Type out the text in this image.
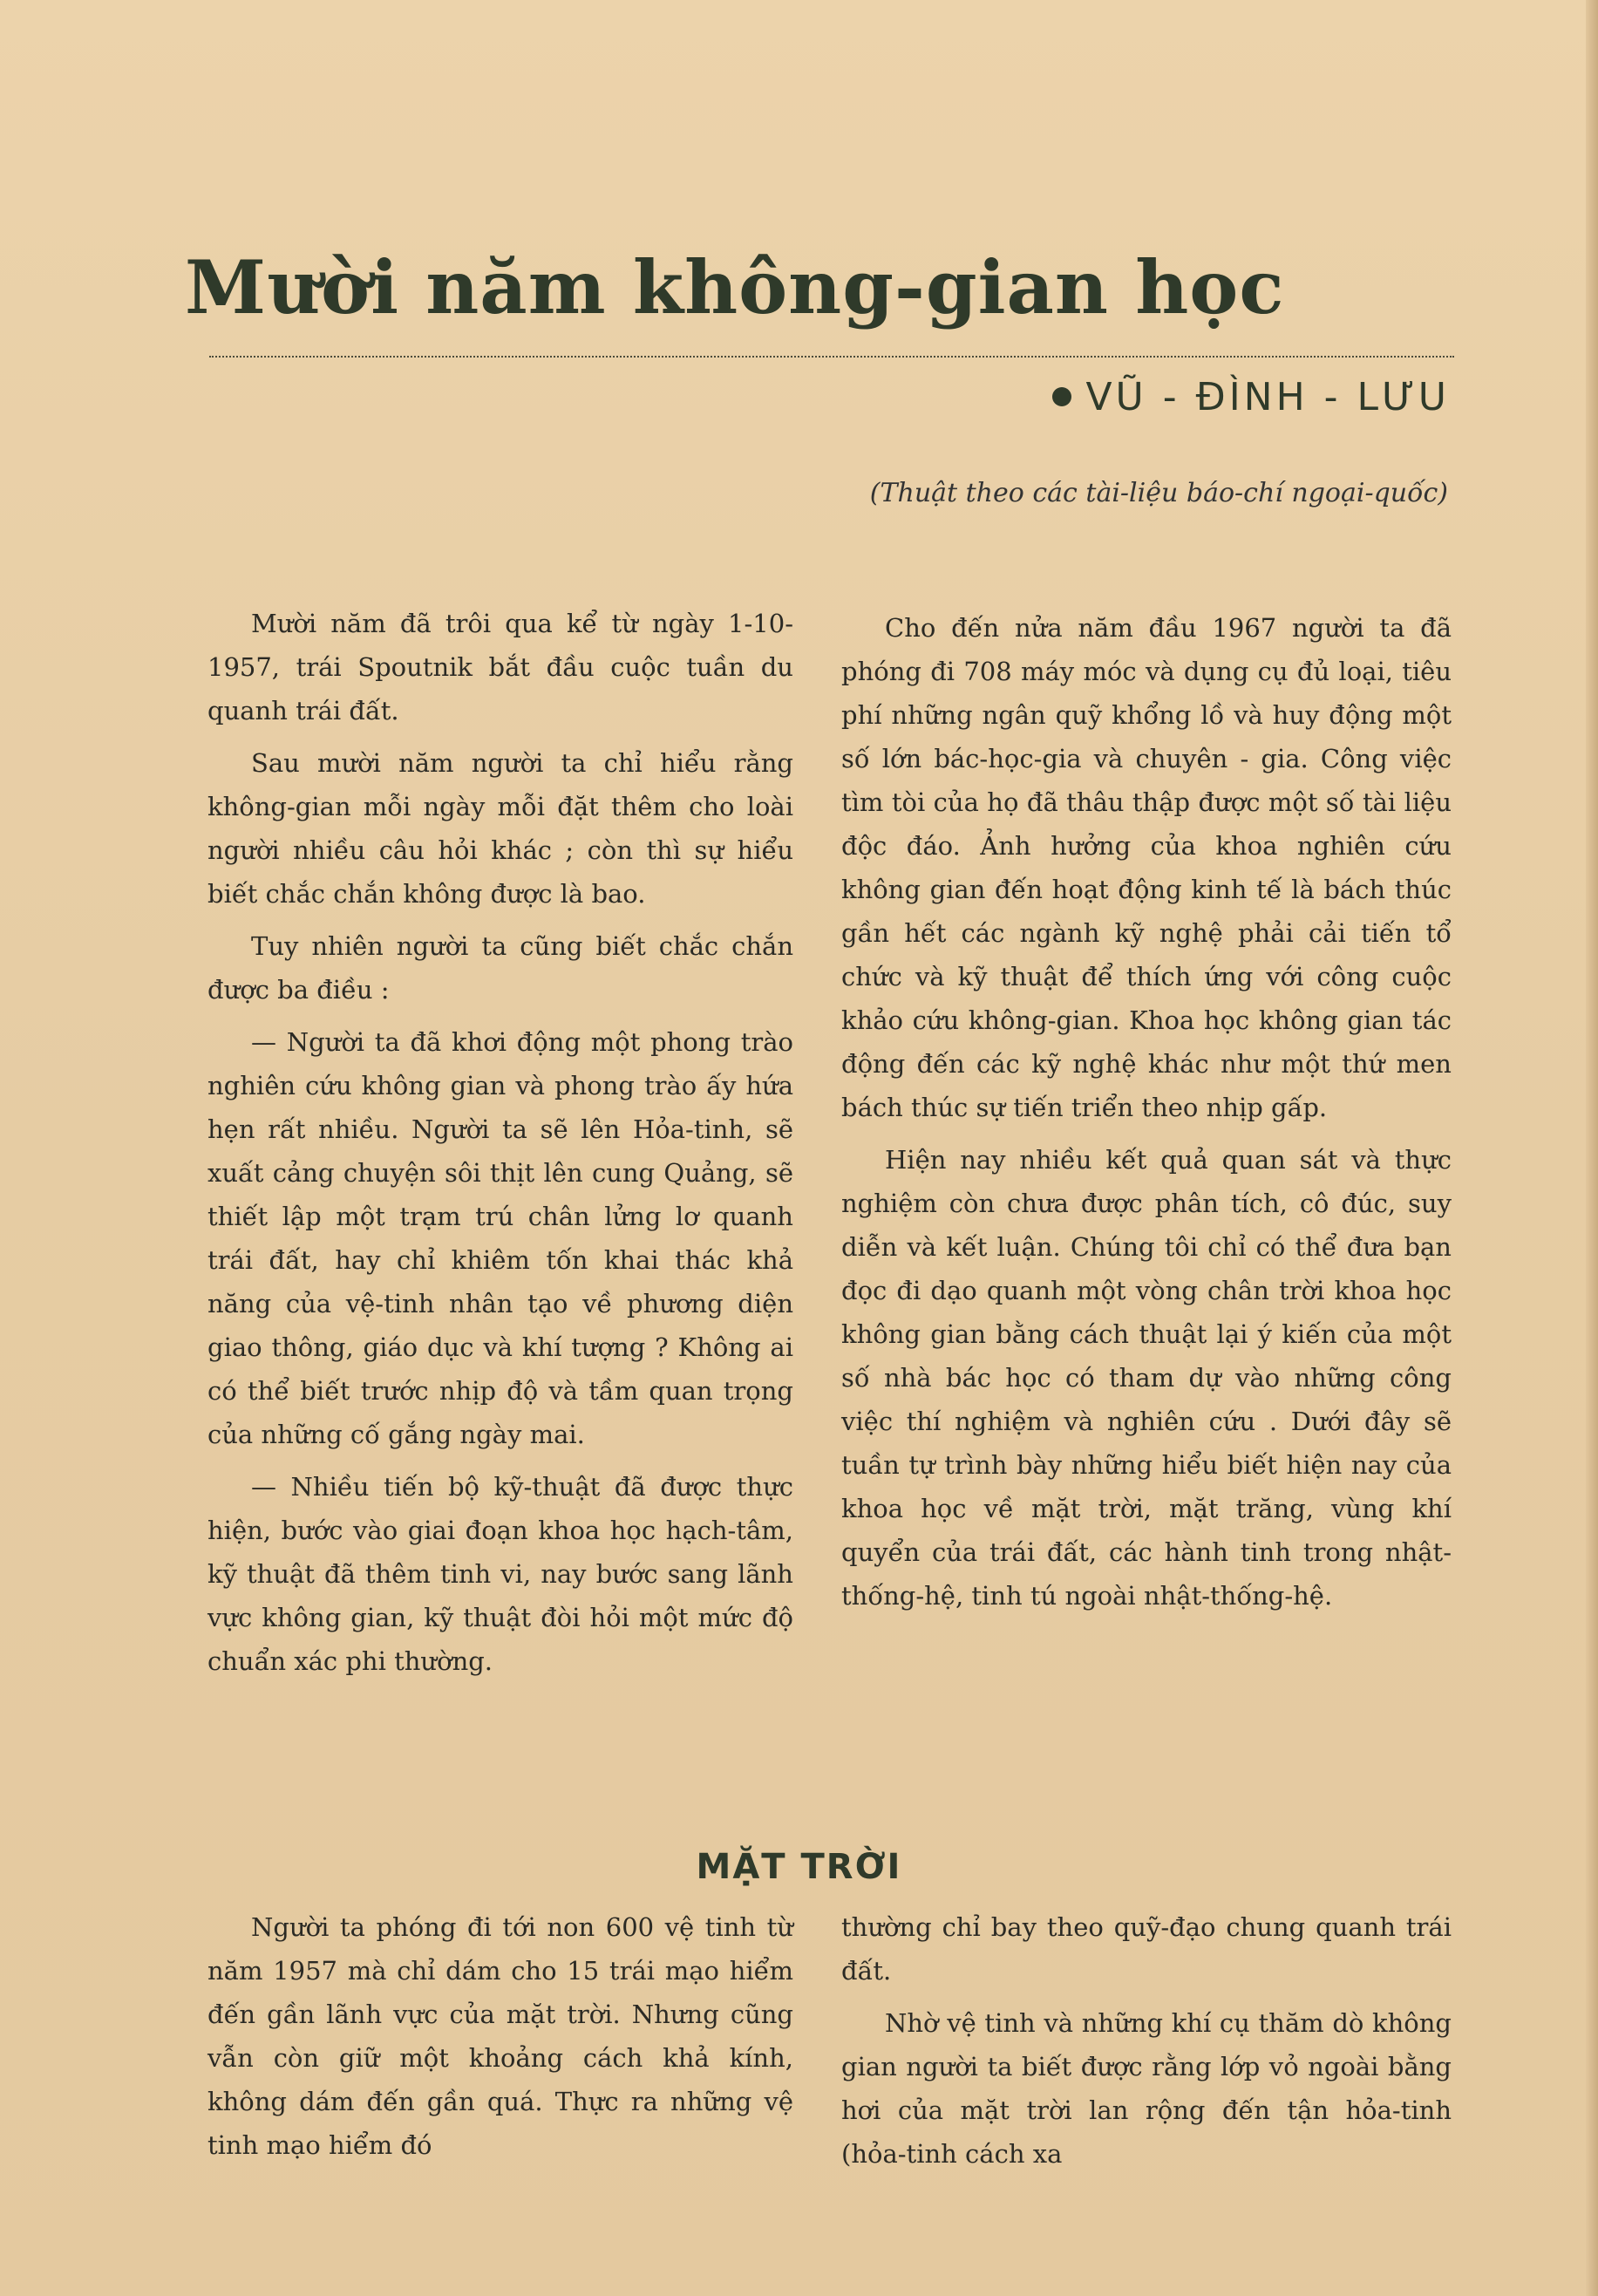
Mười năm không-gian học
VŨ - ĐÌNH - LƯU
(Thuật theo các tài-liệu báo-chí ngoại-quốc)

Mười năm đã trôi qua kể từ ngày 1-10-1957, trái Spoutnik bắt đầu cuộc tuần du quanh trái đất.

Sau mười năm người ta chỉ hiểu rằng không-gian mỗi ngày mỗi đặt thêm cho loài người nhiều câu hỏi khác ; còn thì sự hiểu biết chắc chắn không được là bao.

Tuy nhiên người ta cũng biết chắc chắn được ba điều :

— Người ta đã khơi động một phong trào nghiên cứu không gian và phong trào ấy hứa hẹn rất nhiều. Người ta sẽ lên Hỏa-tinh, sẽ xuất cảng chuyện sôi thịt lên cung Quảng, sẽ thiết lập một trạm trú chân lửng lơ quanh trái đất, hay chỉ khiêm tốn khai thác khả năng của vệ-tinh nhân tạo về phương diện giao thông, giáo dục và khí tượng ? Không ai có thể biết trước nhịp độ và tầm quan trọng của những cố gắng ngày mai.

— Nhiều tiến bộ kỹ-thuật đã được thực hiện, bước vào giai đoạn khoa học hạch-tâm, kỹ thuật đã thêm tinh vi, nay bước sang lãnh vực không gian, kỹ thuật đòi hỏi một mức độ chuẩn xác phi thường.

Cho đến nửa năm đầu 1967 người ta đã phóng đi 708 máy móc và dụng cụ đủ loại, tiêu phí những ngân quỹ khổng lồ và huy động một số lớn bác-học-gia và chuyên - gia. Công việc tìm tòi của họ đã thâu thập được một số tài liệu độc đáo. Ảnh hưởng của khoa nghiên cứu không gian đến hoạt động kinh tế là bách thúc gần hết các ngành kỹ nghệ phải cải tiến tổ chức và kỹ thuật để thích ứng với công cuộc khảo cứu không-gian. Khoa học không gian tác động đến các kỹ nghệ khác như một thứ men bách thúc sự tiến triển theo nhịp gấp.

Hiện nay nhiều kết quả quan sát và thực nghiệm còn chưa được phân tích, cô đúc, suy diễn và kết luận. Chúng tôi chỉ có thể đưa bạn đọc đi dạo quanh một vòng chân trời khoa học không gian bằng cách thuật lại ý kiến của một số nhà bác học có tham dự vào những công việc thí nghiệm và nghiên cứu . Dưới đây sẽ tuần tự trình bày những hiểu biết hiện nay của khoa học về mặt trời, mặt trăng, vùng khí quyển của trái đất, các hành tinh trong nhật-thống-hệ, tinh tú ngoài nhật-thống-hệ.

MẶT TRỜI

Người ta phóng đi tới non 600 vệ tinh từ năm 1957 mà chỉ dám cho 15 trái mạo hiểm đến gần lãnh vực của mặt trời. Nhưng cũng vẫn còn giữ một khoảng cách khả kính, không dám đến gần quá. Thực ra những vệ tinh mạo hiểm đó

thường chỉ bay theo quỹ-đạo chung quanh trái đất.

Nhờ vệ tinh và những khí cụ thăm dò không gian người ta biết được rằng lớp vỏ ngoài bằng hơi của mặt trời lan rộng đến tận hỏa-tinh (hỏa-tinh cách xa
